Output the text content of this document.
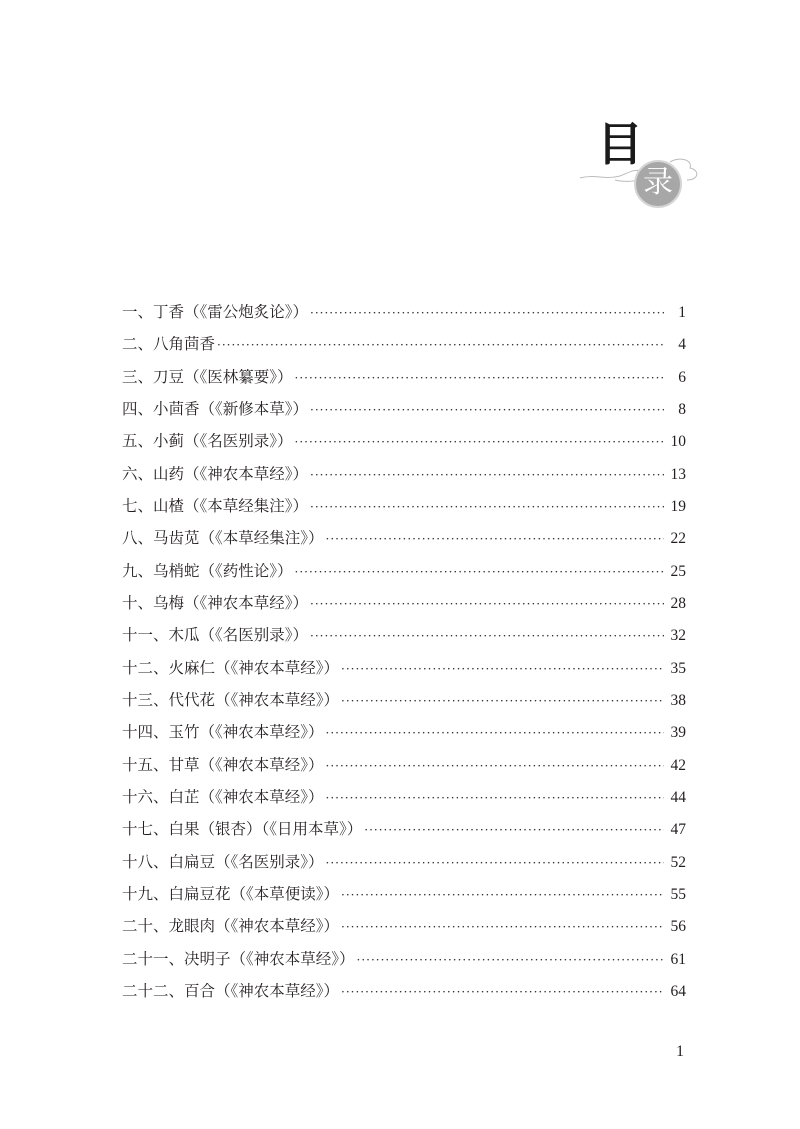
目
录
一、丁香（《雷公炮炙论》） ·····	1
二、八角茴香 ·····	4
三、刀豆（《医林纂要》） ·····	6
四、小茴香（《新修本草》） ·····	8
五、小蓟（《名医别录》） ·····	10
六、山药（《神农本草经》） ·····	13
七、山楂（《本草经集注》） ·····	19
八、马齿苋（《本草经集注》） ·····	22
九、乌梢蛇（《药性论》） ·····	25
十、乌梅（《神农本草经》） ·····	28
十一、木瓜（《名医别录》） ·····	32
十二、火麻仁（《神农本草经》） ·····	35
十三、代代花（《神农本草经》） ·····	38
十四、玉竹（《神农本草经》） ·····	39
十五、甘草（《神农本草经》） ·····	42
十六、白芷（《神农本草经》） ·····	44
十七、白果（银杏）（《日用本草》） ·····	47
十八、白扁豆（《名医别录》） ·····	52
十九、白扁豆花（《本草便读》） ·····	55
二十、龙眼肉（《神农本草经》） ·····	56
二十一、决明子（《神农本草经》） ·····	61
二十二、百合（《神农本草经》） ·····	64
1
